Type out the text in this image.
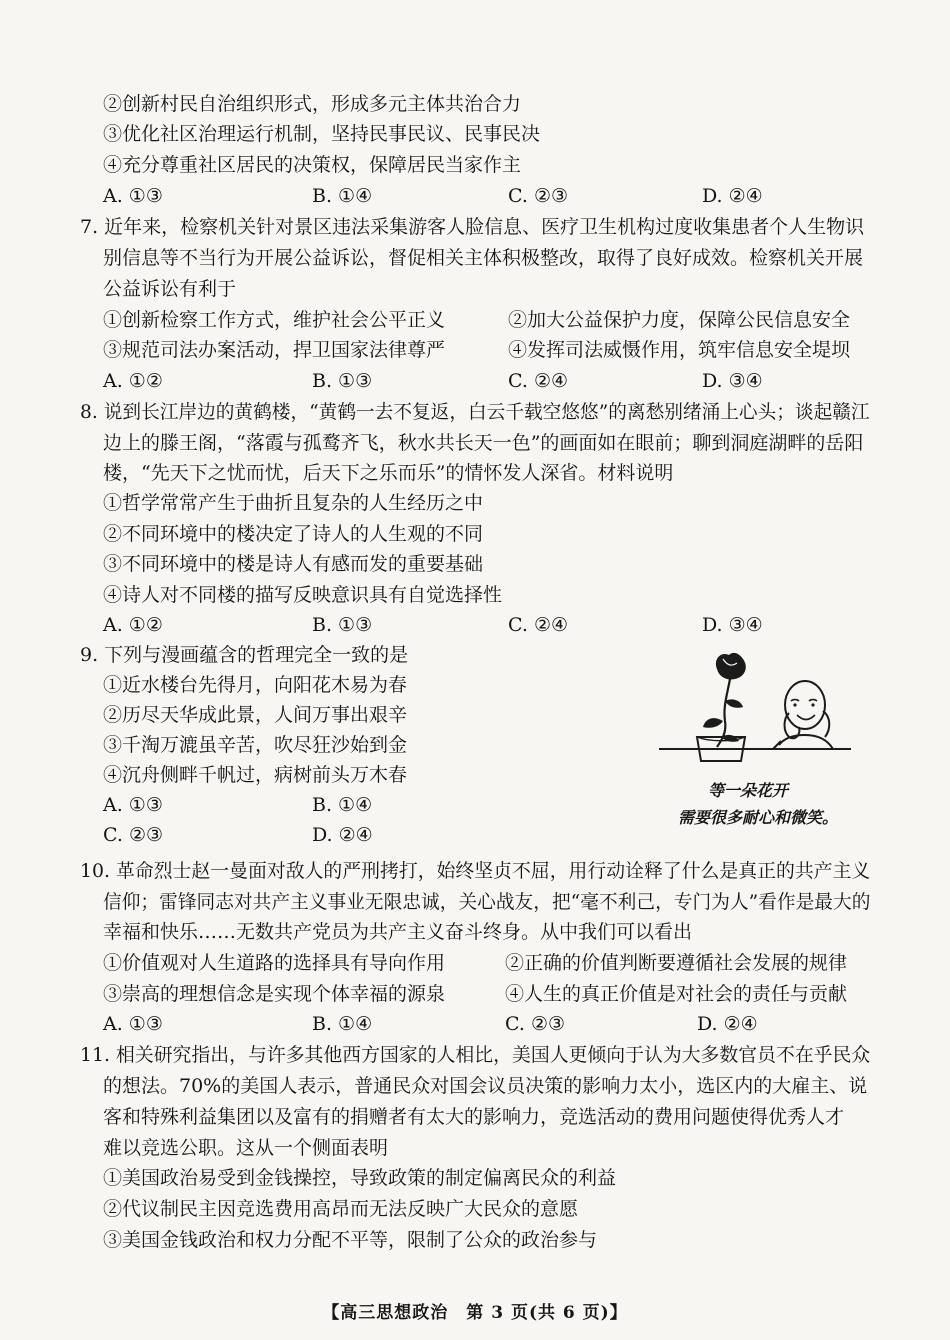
②创新村民自治组织形式，形成多元主体共治合力
③优化社区治理运行机制，坚持民事民议、民事民决
④充分尊重社区居民的决策权，保障居民当家作主
A. ①③	B. ①④	C. ②③	D. ②④
7. 近年来，检察机关针对景区违法采集游客人脸信息、医疗卫生机构过度收集患者个人生物识
别信息等不当行为开展公益诉讼，督促相关主体积极整改，取得了良好成效。检察机关开展
公益诉讼有利于
①创新检察工作方式，维护社会公平正义	②加大公益保护力度，保障公民信息安全
③规范司法办案活动，捍卫国家法律尊严	④发挥司法威慑作用，筑牢信息安全堤坝
A. ①②	B. ①③	C. ②④	D. ③④
8. 说到长江岸边的黄鹤楼，“黄鹤一去不复返，白云千载空悠悠”的离愁别绪涌上心头；谈起赣江
边上的滕王阁，“落霞与孤鹜齐飞，秋水共长天一色”的画面如在眼前；聊到洞庭湖畔的岳阳
楼，“先天下之忧而忧，后天下之乐而乐”的情怀发人深省。材料说明
①哲学常常产生于曲折且复杂的人生经历之中
②不同环境中的楼决定了诗人的人生观的不同
③不同环境中的楼是诗人有感而发的重要基础
④诗人对不同楼的描写反映意识具有自觉选择性
A. ①②	B. ①③	C. ②④	D. ③④
9. 下列与漫画蕴含的哲理完全一致的是
①近水楼台先得月，向阳花木易为春
②历尽天华成此景，人间万事出艰辛
③千淘万漉虽辛苦，吹尽狂沙始到金
④沉舟侧畔千帆过，病树前头万木春
A. ①③	B. ①④
C. ②③	D. ②④
等一朵花开
需要很多耐心和微笑。
10. 革命烈士赵一曼面对敌人的严刑拷打，始终坚贞不屈，用行动诠释了什么是真正的共产主义
信仰；雷锋同志对共产主义事业无限忠诚，关心战友，把“毫不利己，专门为人”看作是最大的
幸福和快乐……无数共产党员为共产主义奋斗终身。从中我们可以看出
①价值观对人生道路的选择具有导向作用	②正确的价值判断要遵循社会发展的规律
③崇高的理想信念是实现个体幸福的源泉	④人生的真正价值是对社会的责任与贡献
A. ①③	B. ①④	C. ②③	D. ②④
11. 相关研究指出，与许多其他西方国家的人相比，美国人更倾向于认为大多数官员不在乎民众
的想法。70%的美国人表示，普通民众对国会议员决策的影响力太小，选区内的大雇主、说
客和特殊利益集团以及富有的捐赠者有太大的影响力，竞选活动的费用问题使得优秀人才
难以竞选公职。这从一个侧面表明
①美国政治易受到金钱操控，导致政策的制定偏离民众的利益
②代议制民主因竞选费用高昂而无法反映广大民众的意愿
③美国金钱政治和权力分配不平等，限制了公众的政治参与
【高三思想政治　第 3 页(共 6 页)】
